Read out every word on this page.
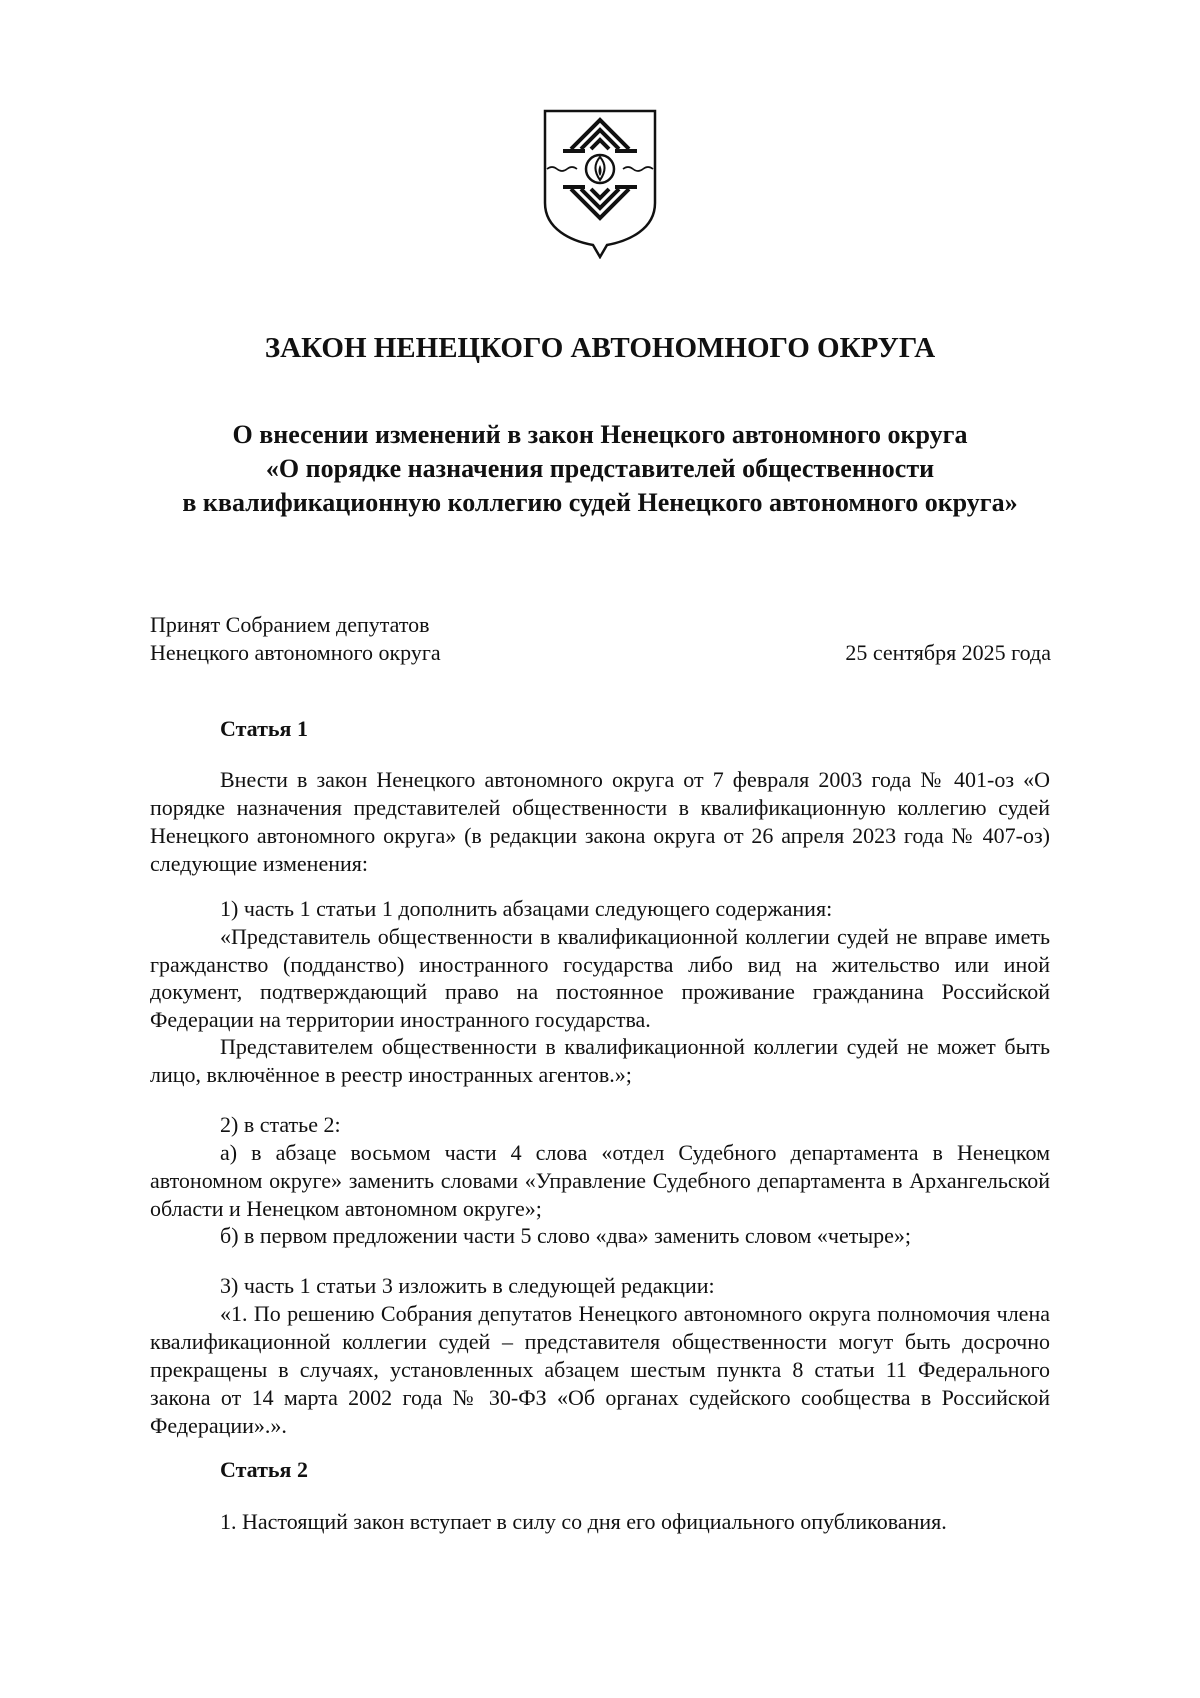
ЗАКОН НЕНЕЦКОГО АВТОНОМНОГО ОКРУГА
О внесении изменений в закон Ненецкого автономного округа
«О порядке назначения представителей общественности
в квалификационную коллегию судей Ненецкого автономного округа»
Принят Собранием депутатов
Ненецкого автономного округа	25 сентября 2025 года
Статья 1

Внести в закон Ненецкого автономного округа от 7 февраля 2003 года № 401-оз «О порядке назначения представителей общественности в квалификационную коллегию судей Ненецкого автономного округа» (в редакции закона округа от 26 апреля 2023 года № 407-оз) следующие изменения:

1) часть 1 статьи 1 дополнить абзацами следующего содержания:

«Представитель общественности в квалификационной коллегии судей не вправе иметь гражданство (подданство) иностранного государства либо вид на жительство или иной документ, подтверждающий право на постоянное проживание гражданина Российской Федерации на территории иностранного государства.

Представителем общественности в квалификационной коллегии судей не может быть лицо, включённое в реестр иностранных агентов.»;

2) в статье 2:

а) в абзаце восьмом части 4 слова «отдел Судебного департамента в Ненецком автономном округе» заменить словами «Управление Судебного департамента в Архангельской области и Ненецком автономном округе»;

б) в первом предложении части 5 слово «два» заменить словом «четыре»;

3) часть 1 статьи 3 изложить в следующей редакции:

«1. По решению Собрания депутатов Ненецкого автономного округа полномочия члена квалификационной коллегии судей – представителя общественности могут быть досрочно прекращены в случаях, установленных абзацем шестым пункта 8 статьи 11 Федерального закона от 14 марта 2002 года № 30-ФЗ «Об органах судейского сообщества в Российской Федерации».».

Статья 2

1. Настоящий закон вступает в силу со дня его официального опубликования.
